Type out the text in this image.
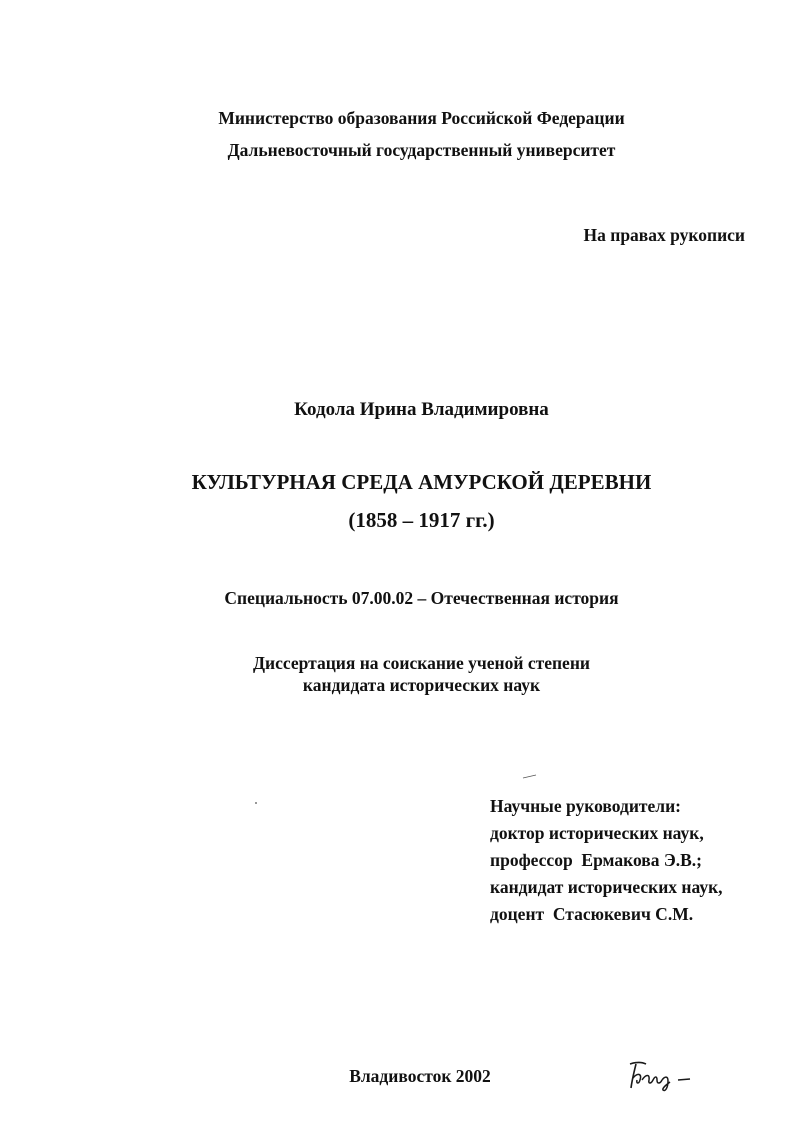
Министерство образования Российской Федерации
Дальневосточный государственный университет
На правах рукописи
Кодола Ирина Владимировна
КУЛЬТУРНАЯ СРЕДА АМУРСКОЙ ДЕРЕВНИ
(1858 – 1917 гг.)
Специальность 07.00.02 – Отечественная история
Диссертация на соискание ученой степени
кандидата исторических наук
Научные руководители:
доктор исторических наук,
профессор  Ермакова Э.В.;
кандидат исторических наук,
доцент  Стасюкевич С.М.
Владивосток 2002
